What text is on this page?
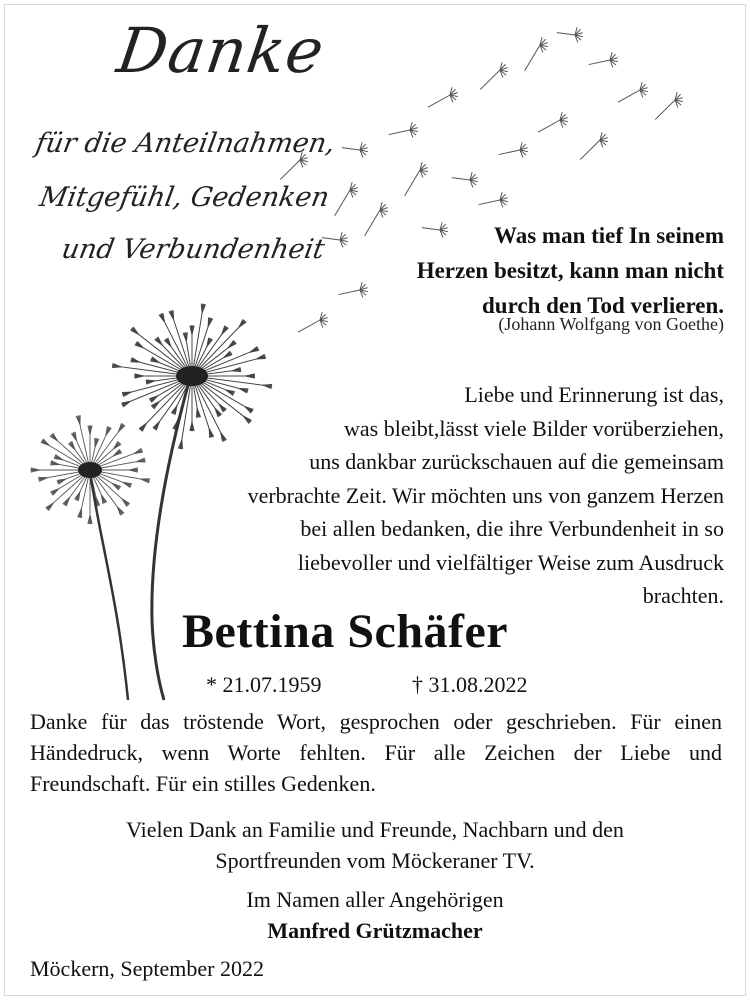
Danke
für die Anteilnahmen,
Mitgefühl, Gedenken
und Verbundenheit	Was man tief In seinem
Herzen besitzt, kann man nicht
durch den Tod verlieren.
(Johann Wolfgang von Goethe)
Liebe und Erinnerung ist das,
was bleibt,lässt viele Bilder vorüberziehen,
uns dankbar zurückschauen auf die gemeinsam
verbrachte Zeit. Wir möchten uns von ganzem Herzen
bei allen bedanken, die ihre Verbundenheit in so
liebevoller und vielfältiger Weise zum Ausdruck
brachten.
Bettina Schäfer
* 21.07.1959	† 31.08.2022
Danke für das tröstende Wort, gesprochen oder geschrieben. Für einen Händedruck, wenn Worte fehlten. Für alle Zeichen der Liebe und Freundschaft. Für ein stilles Gedenken.
Vielen Dank an Familie und Freunde, Nachbarn und den
Sportfreunden vom Möckeraner TV.
Im Namen aller Angehörigen
Manfred Grützmacher
Möckern, September 2022
